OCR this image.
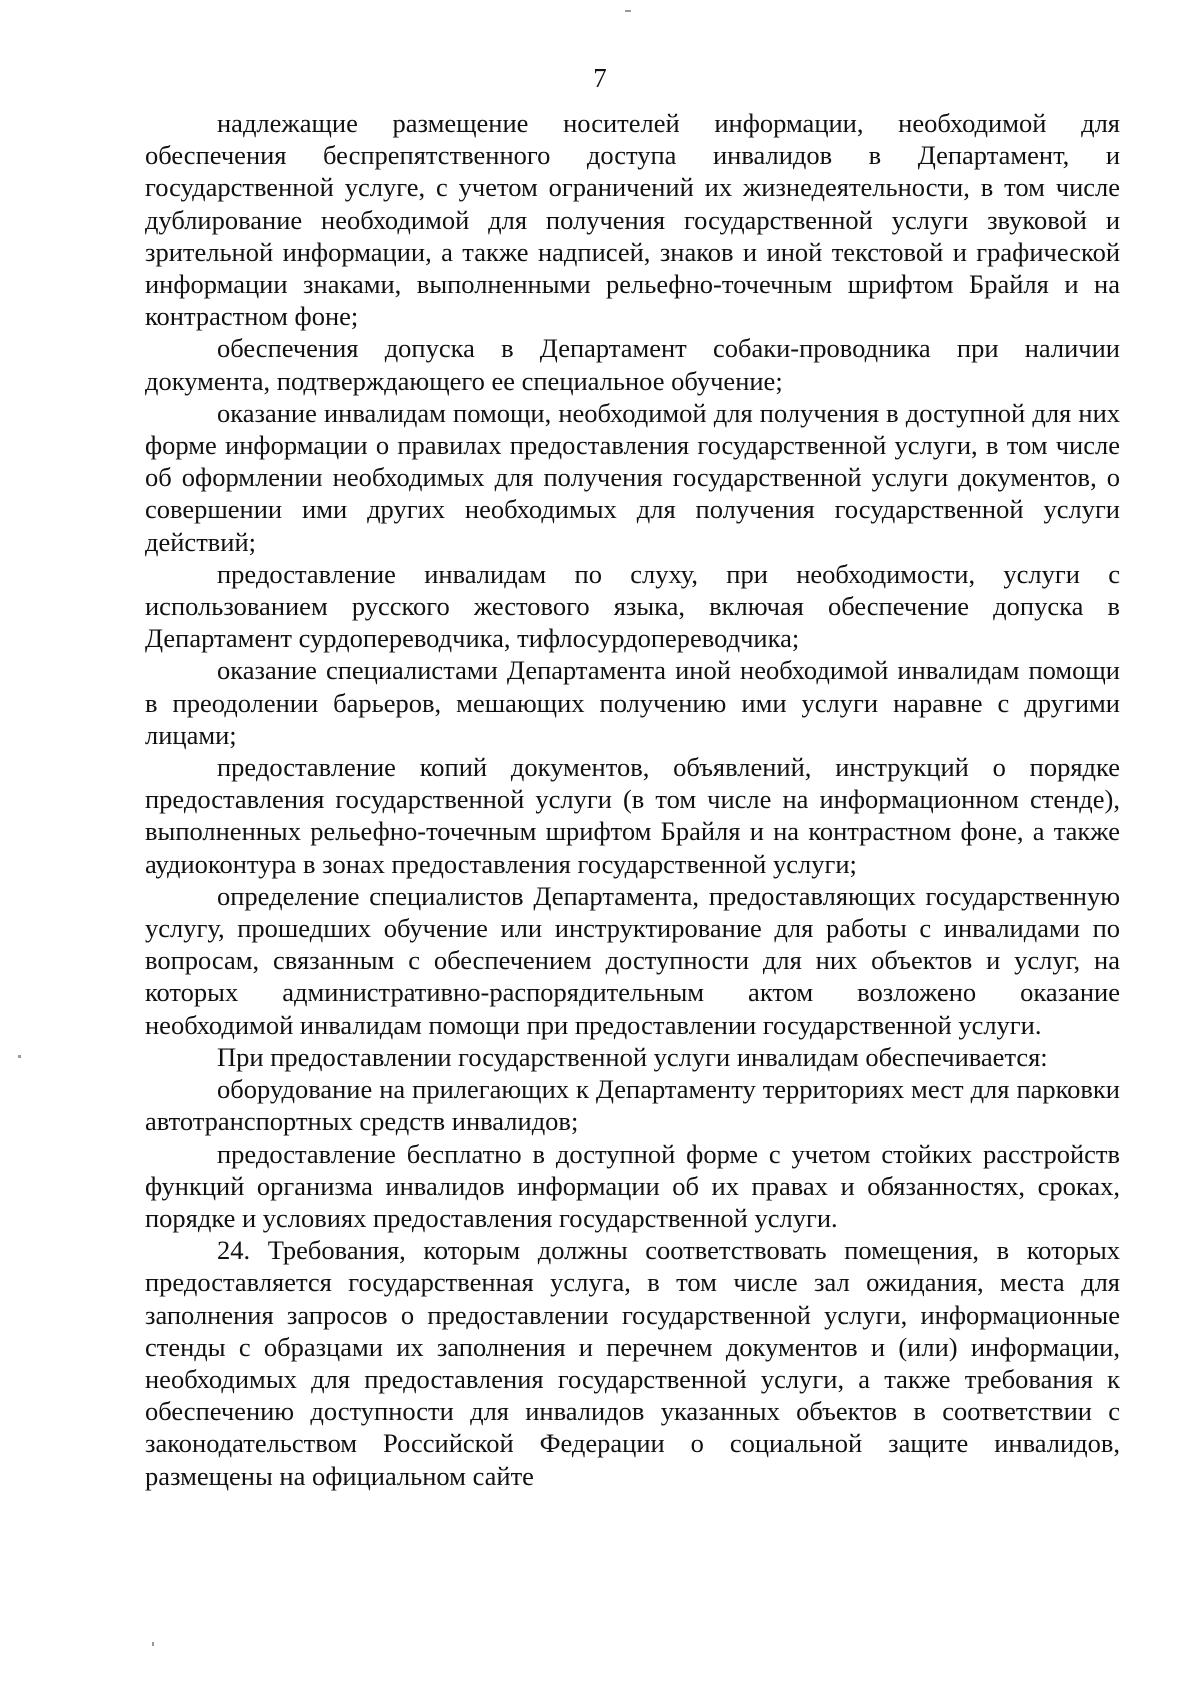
7

надлежащие размещение носителей информации, необходимой для обеспечения беспрепятственного доступа инвалидов в Департамент, и государственной услуге, с учетом ограничений их жизнедеятельности, в том числе дублирование необходимой для получения государственной услуги звуковой и зрительной информации, а также надписей, знаков и иной текстовой и графической информации знаками, выполненными рельефно-точечным шрифтом Брайля и на контрастном фоне;

обеспечения допуска в Департамент собаки-проводника при наличии документа, подтверждающего ее специальное обучение;

оказание инвалидам помощи, необходимой для получения в доступной для них форме информации о правилах предоставления государственной услуги, в том числе об оформлении необходимых для получения государственной услуги документов, о совершении ими других необходимых для получения государственной услуги действий;

предоставление инвалидам по слуху, при необходимости, услуги с использованием русского жестового языка, включая обеспечение допуска в Департамент сурдопереводчика, тифлосурдопереводчика;

оказание специалистами Департамента иной необходимой инвалидам помощи в преодолении барьеров, мешающих получению ими услуги наравне с другими лицами;

предоставление копий документов, объявлений, инструкций о порядке предоставления государственной услуги (в том числе на информационном стенде), выполненных рельефно-точечным шрифтом Брайля и на контрастном фоне, а также аудиоконтура в зонах предоставления государственной услуги;

определение специалистов Департамента, предоставляющих государственную услугу, прошедших обучение или инструктирование для работы с инвалидами по вопросам, связанным с обеспечением доступности для них объектов и услуг, на которых административно-распорядительным актом возложено оказание необходимой инвалидам помощи при предоставлении государственной услуги.

При предоставлении государственной услуги инвалидам обеспечивается:

оборудование на прилегающих к Департаменту территориях мест для парковки автотранспортных средств инвалидов;

предоставление бесплатно в доступной форме с учетом стойких расстройств функций организма инвалидов информации об их правах и обязанностях, сроках, порядке и условиях предоставления государственной услуги.

24. Требования, которым должны соответствовать помещения, в которых предоставляется государственная услуга, в том числе зал ожидания, места для заполнения запросов о предоставлении государственной услуги, информационные стенды с образцами их заполнения и перечнем документов и (или) информации, необходимых для предоставления государственной услуги, а также требования к обеспечению доступности для инвалидов указанных объектов в соответствии с законодательством Российской Федерации о социальной защите инвалидов, размещены на официальном сайте
